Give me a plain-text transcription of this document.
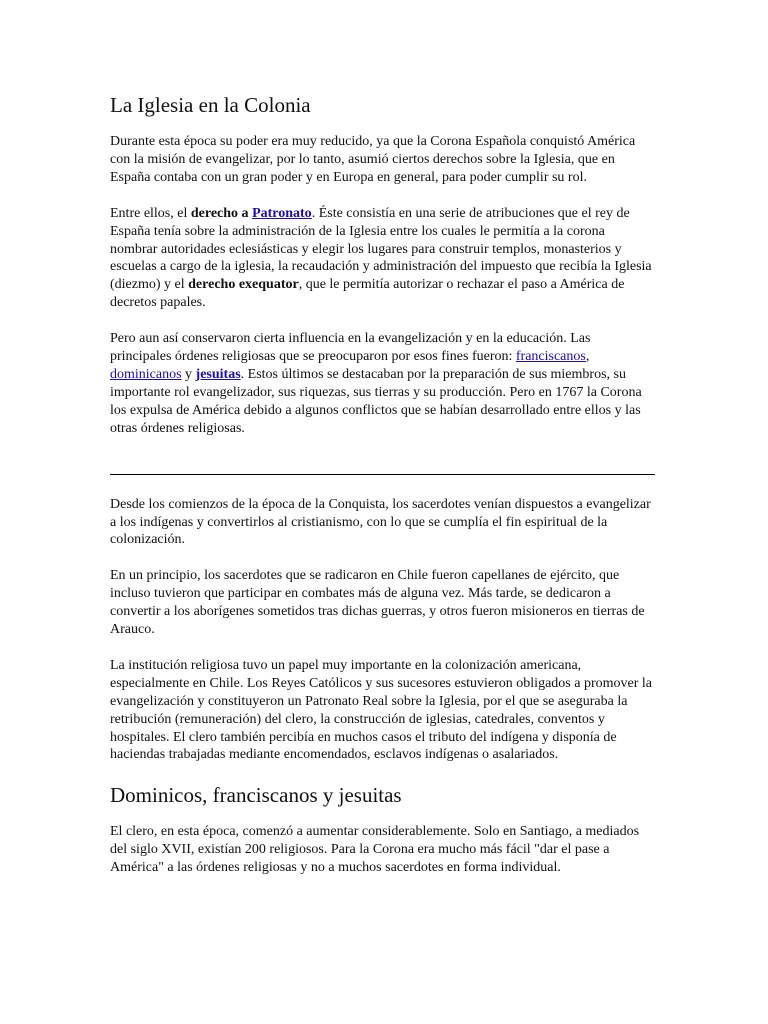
La Iglesia en la Colonia

Durante esta época su poder era muy reducido, ya que la Corona Española conquistó América con la misión de evangelizar, por lo tanto, asumió ciertos derechos sobre la Iglesia, que en España contaba con un gran poder y en Europa en general, para poder cumplir su rol.

Entre ellos, el derecho a Patronato. Éste consistía en una serie de atribuciones que el rey de España tenía sobre la administración de la Iglesia entre los cuales le permitía a la corona nombrar autoridades eclesiásticas y elegir los lugares para construir templos, monasterios y escuelas a cargo de la iglesia, la recaudación y administración del impuesto que recibía la Iglesia (diezmo) y el derecho exequator, que le permitía autorizar o rechazar el paso a América de decretos papales.

Pero aun así conservaron cierta influencia en la evangelización y en la educación. Las principales órdenes religiosas que se preocuparon por esos fines fueron: franciscanos, dominicanos y jesuitas. Estos últimos se destacaban por la preparación de sus miembros, su importante rol evangelizador, sus riquezas, sus tierras y su producción. Pero en 1767 la Corona los expulsa de América debido a algunos conflictos que se habían desarrollado entre ellos y las otras órdenes religiosas.

Desde los comienzos de la época de la Conquista, los sacerdotes venían dispuestos a evangelizar a los indígenas y convertirlos al cristianismo, con lo que se cumplía el fin espiritual de la colonización.

En un principio, los sacerdotes que se radicaron en Chile fueron capellanes de ejército, que incluso tuvieron que participar en combates más de alguna vez. Más tarde, se dedicaron a convertir a los aborígenes sometidos tras dichas guerras, y otros fueron misioneros en tierras de Arauco.

La institución religiosa tuvo un papel muy importante en la colonización americana, especialmente en Chile. Los Reyes Católicos y sus sucesores estuvieron obligados a promover la evangelización y constituyeron un Patronato Real sobre la Iglesia, por el que se aseguraba la retribución (remuneración) del clero, la construcción de iglesias, catedrales, conventos y hospitales. El clero también percibía en muchos casos el tributo del indígena y disponía de haciendas trabajadas mediante encomendados, esclavos indígenas o asalariados.

Dominicos, franciscanos y jesuitas

El clero, en esta época, comenzó a aumentar considerablemente. Solo en Santiago, a mediados del siglo XVII, existían 200 religiosos. Para la Corona era mucho más fácil "dar el pase a América" a las órdenes religiosas y no a muchos sacerdotes en forma individual.
